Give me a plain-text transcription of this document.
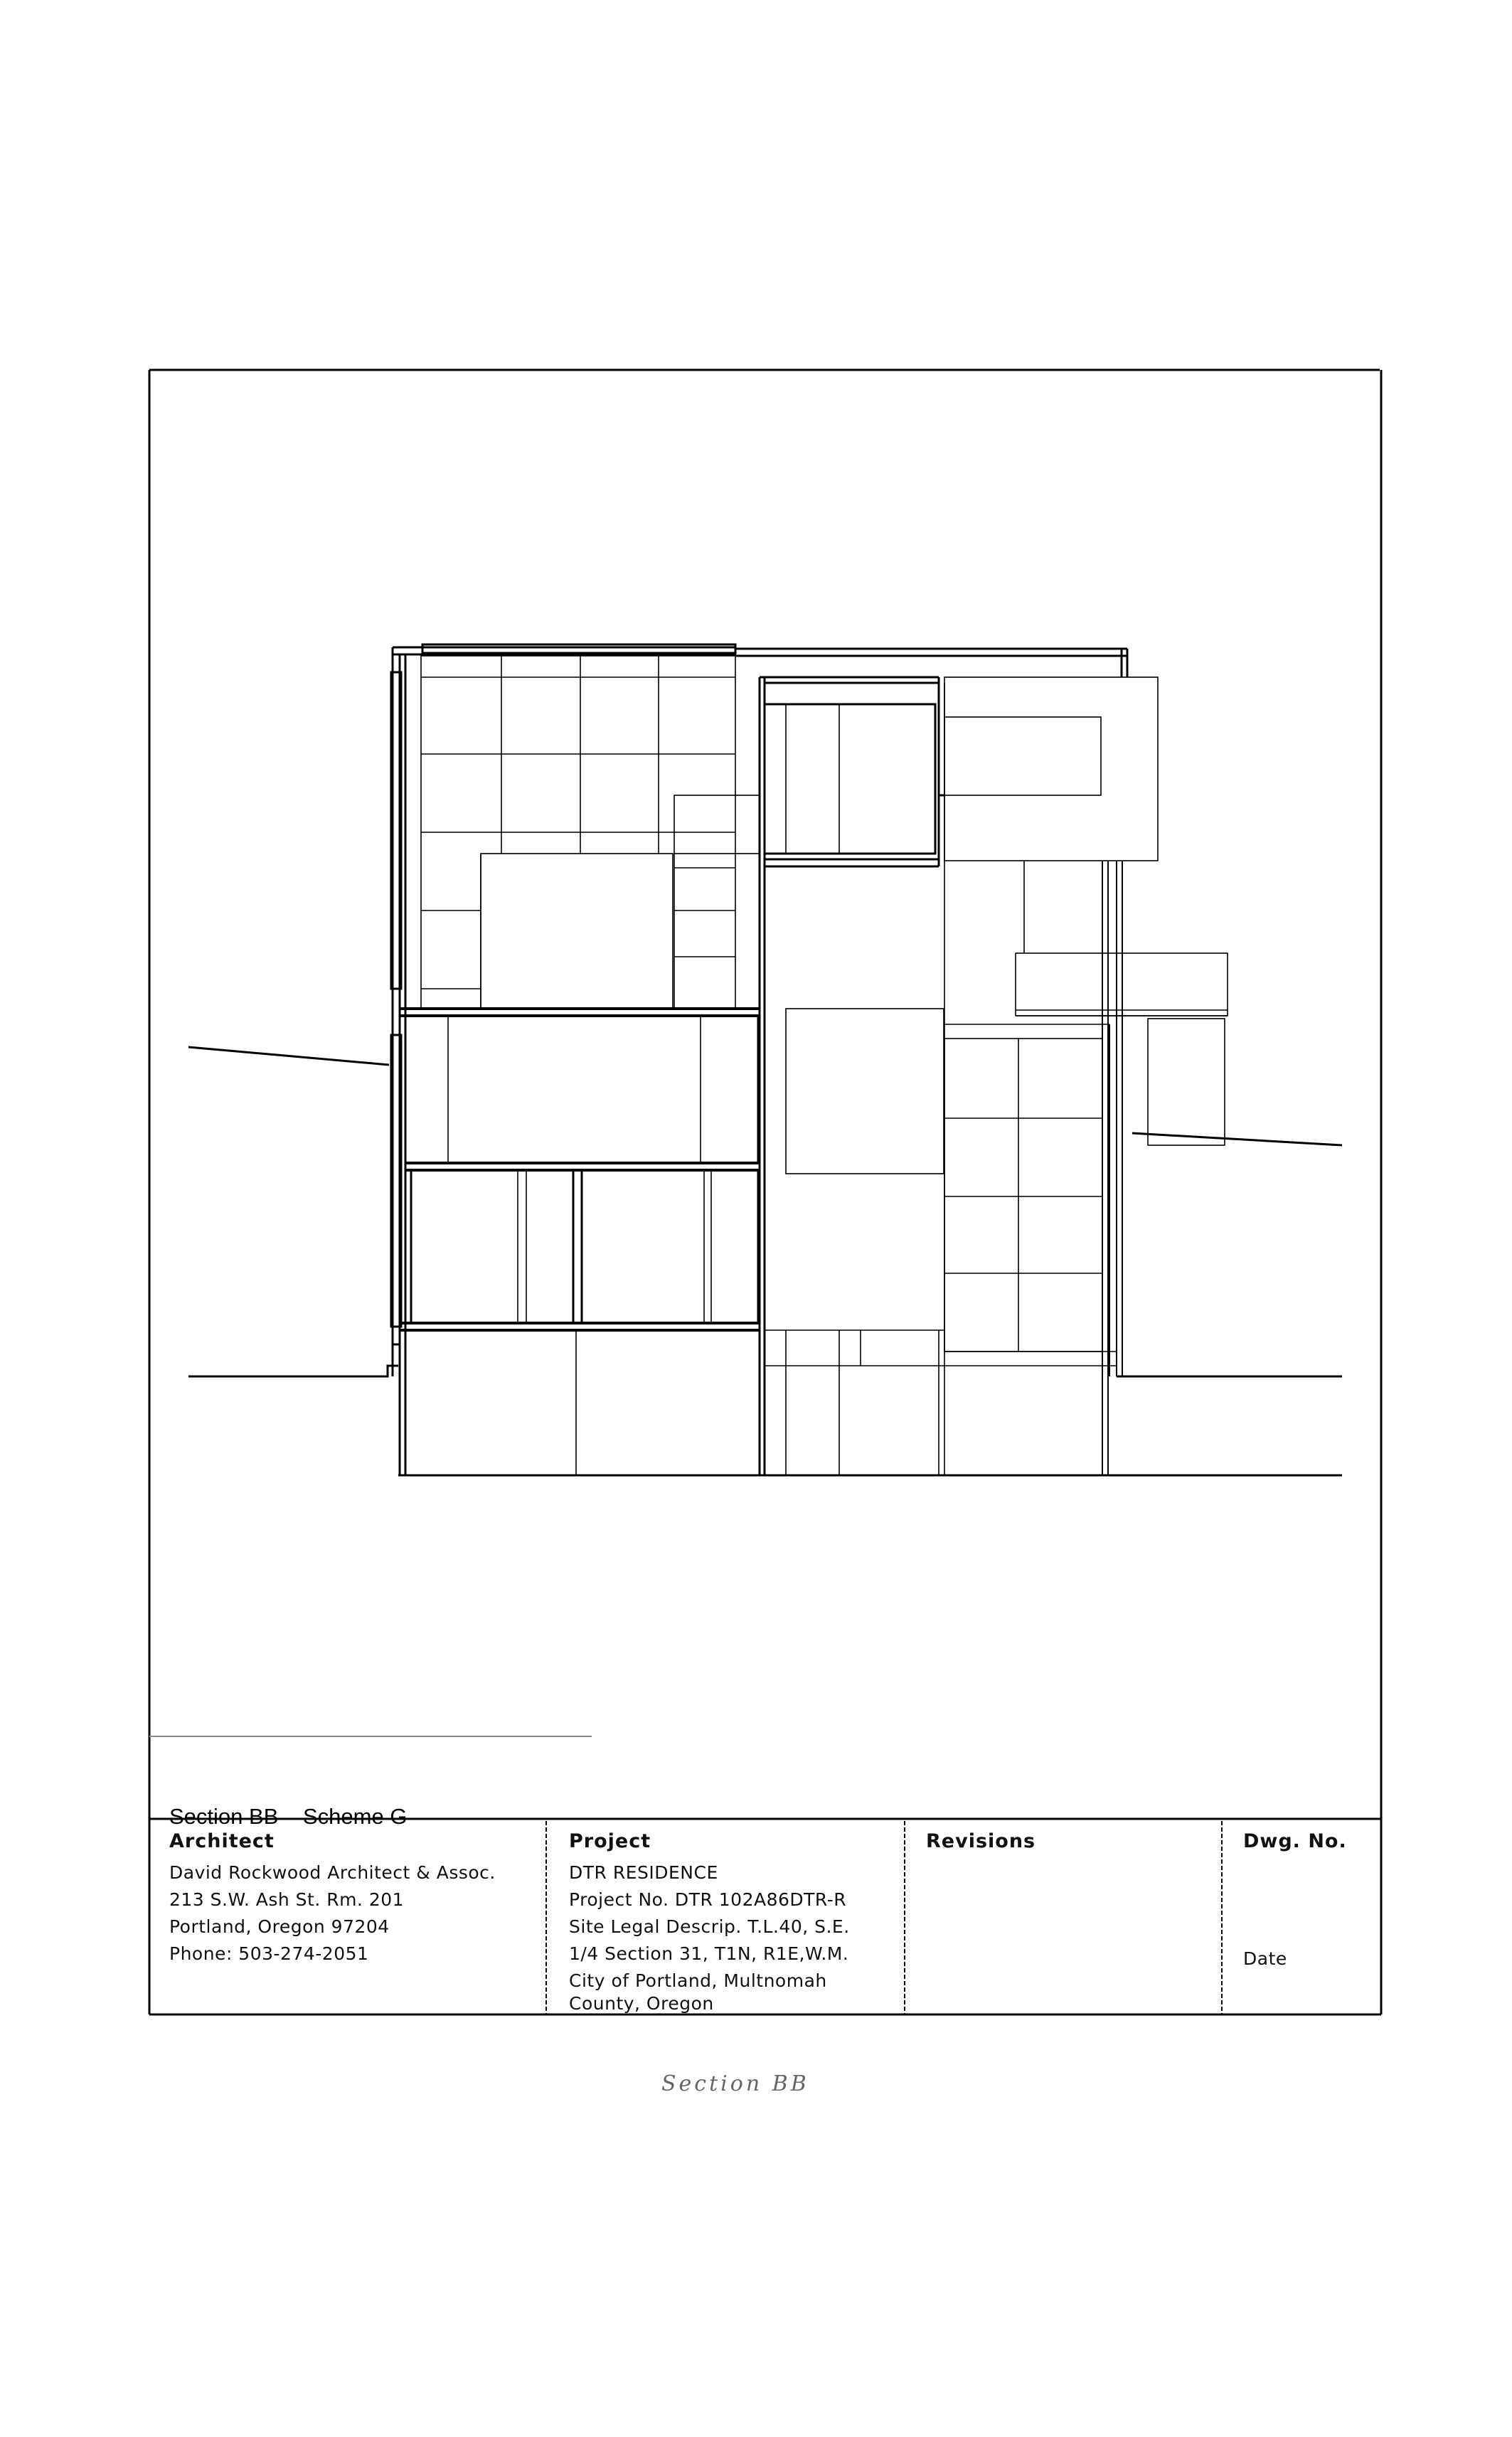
Section BB Scheme G
Architect
David Rockwood Architect & Assoc.
213 S.W. Ash St. Rm. 201
Portland, Oregon 97204
Phone: 503-274-2051
Project
DTR RESIDENCE
Project No. DTR 102A86DTR-R
Site Legal Descrip. T.L.40, S.E.
1/4 Section 31, T1N, R1E,W.M.
City of Portland, Multnomah
County, Oregon
Revisions	Dwg. No.
Date
Section BB
